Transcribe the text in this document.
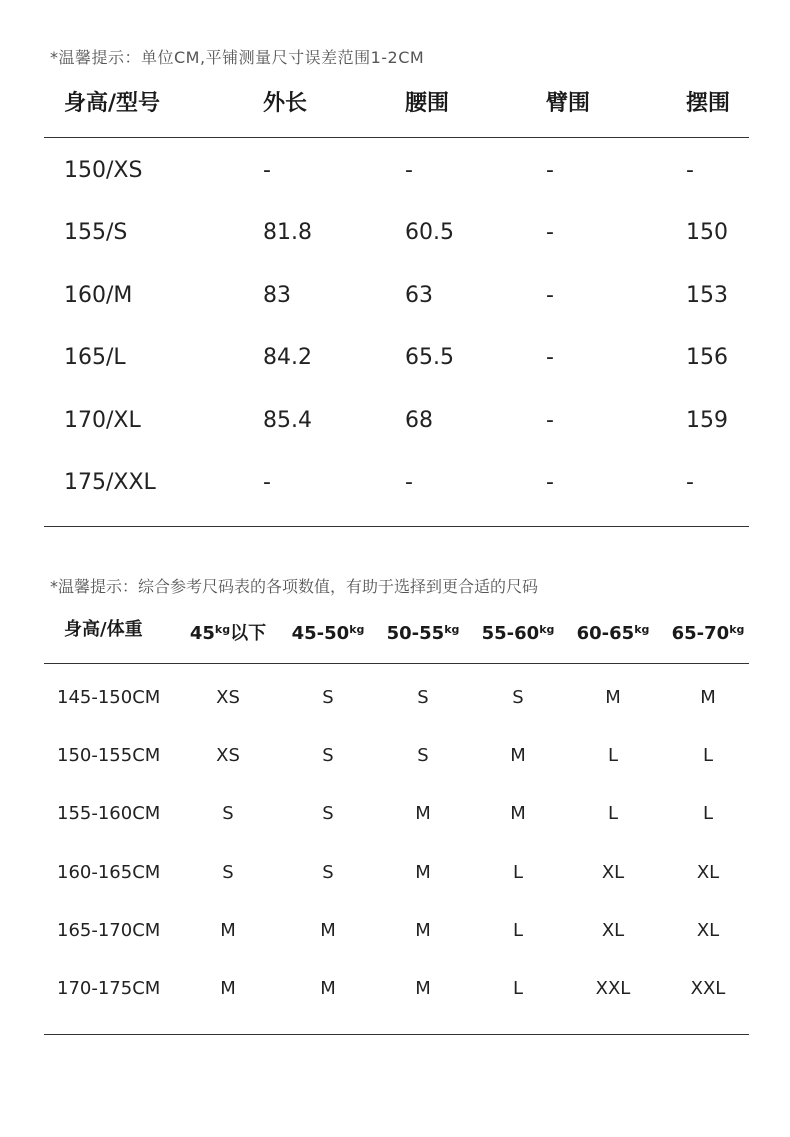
*温馨提示：单位CM,平铺测量尺寸误差范围1-2CM
身高/型号	外长	腰围	臂围	摆围
150/XS	-	-	-	-
155/S	81.8	60.5	-	150
160/M	83	63	-	153
165/L	84.2	65.5	-	156
170/XL	85.4	68	-	159
175/XXL	-	-	-	-
*温馨提示：综合参考尺码表的各项数值，有助于选择到更合适的尺码
身高/体重	$45^{kg}$以下	$45-50^{kg}$	$50-55^{kg}$	$55-60^{kg}$	$60-65^{kg}$	$65-70^{kg}$
145-150CM	XS	S	S	S	M	M
150-155CM	XS	S	S	M	L	L
155-160CM	S	S	M	M	L	L
160-165CM	S	S	M	L	XL	XL
165-170CM	M	M	M	L	XL	XL
170-175CM	M	M	M	L	XXL	XXL
